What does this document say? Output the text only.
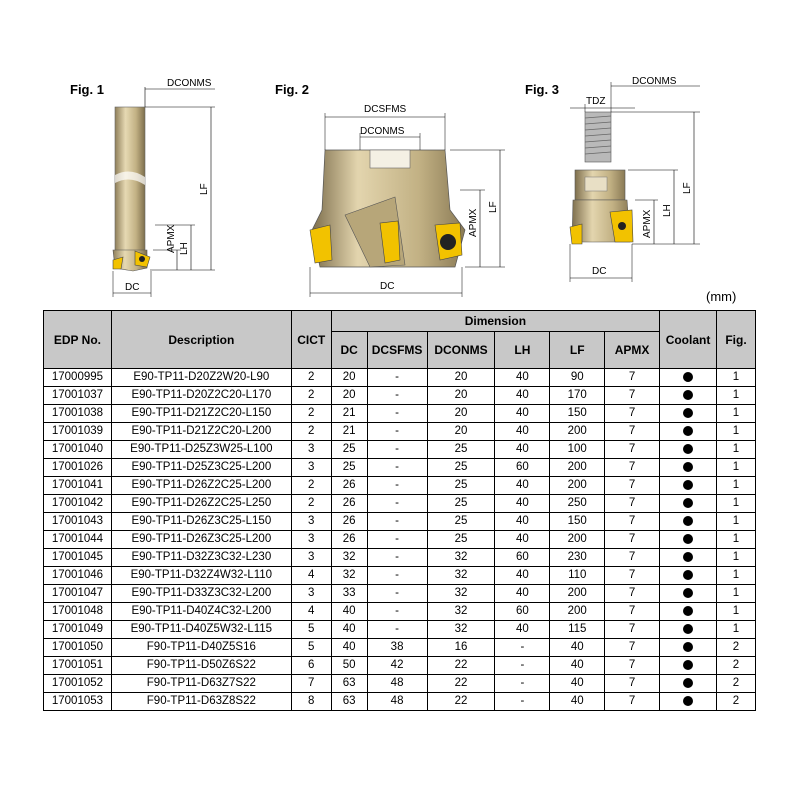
Fig. 1	DCONMS
LF
LH
APMX
DC
Fig. 2
DCSFMS
DCONMS
LF
APMX
DC
Fig. 3
DCONMS
TDZ
LF
LH
APMX
DC
(mm)
EDP No.	Description	CICT	Dimension						Coolant	Fig.
			DC	DCSFMS	DCONMS	LH	LF	APMX		
17000995	E90-TP11-D20Z2W20-L90	2	20	-	20	40	90	7		1
17001037	E90-TP11-D20Z2C20-L170	2	20	-	20	40	170	7		1
17001038	E90-TP11-D21Z2C20-L150	2	21	-	20	40	150	7		1
17001039	E90-TP11-D21Z2C20-L200	2	21	-	20	40	200	7		1
17001040	E90-TP11-D25Z3W25-L100	3	25	-	25	40	100	7		1
17001026	E90-TP11-D25Z3C25-L200	3	25	-	25	60	200	7		1
17001041	E90-TP11-D26Z2C25-L200	2	26	-	25	40	200	7		1
17001042	E90-TP11-D26Z2C25-L250	2	26	-	25	40	250	7		1
17001043	E90-TP11-D26Z3C25-L150	3	26	-	25	40	150	7		1
17001044	E90-TP11-D26Z3C25-L200	3	26	-	25	40	200	7		1
17001045	E90-TP11-D32Z3C32-L230	3	32	-	32	60	230	7		1
17001046	E90-TP11-D32Z4W32-L110	4	32	-	32	40	110	7		1
17001047	E90-TP11-D33Z3C32-L200	3	33	-	32	40	200	7		1
17001048	E90-TP11-D40Z4C32-L200	4	40	-	32	60	200	7		1
17001049	E90-TP11-D40Z5W32-L115	5	40	-	32	40	115	7		1
17001050	F90-TP11-D40Z5S16	5	40	38	16	-	40	7		2
17001051	F90-TP11-D50Z6S22	6	50	42	22	-	40	7		2
17001052	F90-TP11-D63Z7S22	7	63	48	22	-	40	7		2
17001053	F90-TP11-D63Z8S22	8	63	48	22	-	40	7		2
